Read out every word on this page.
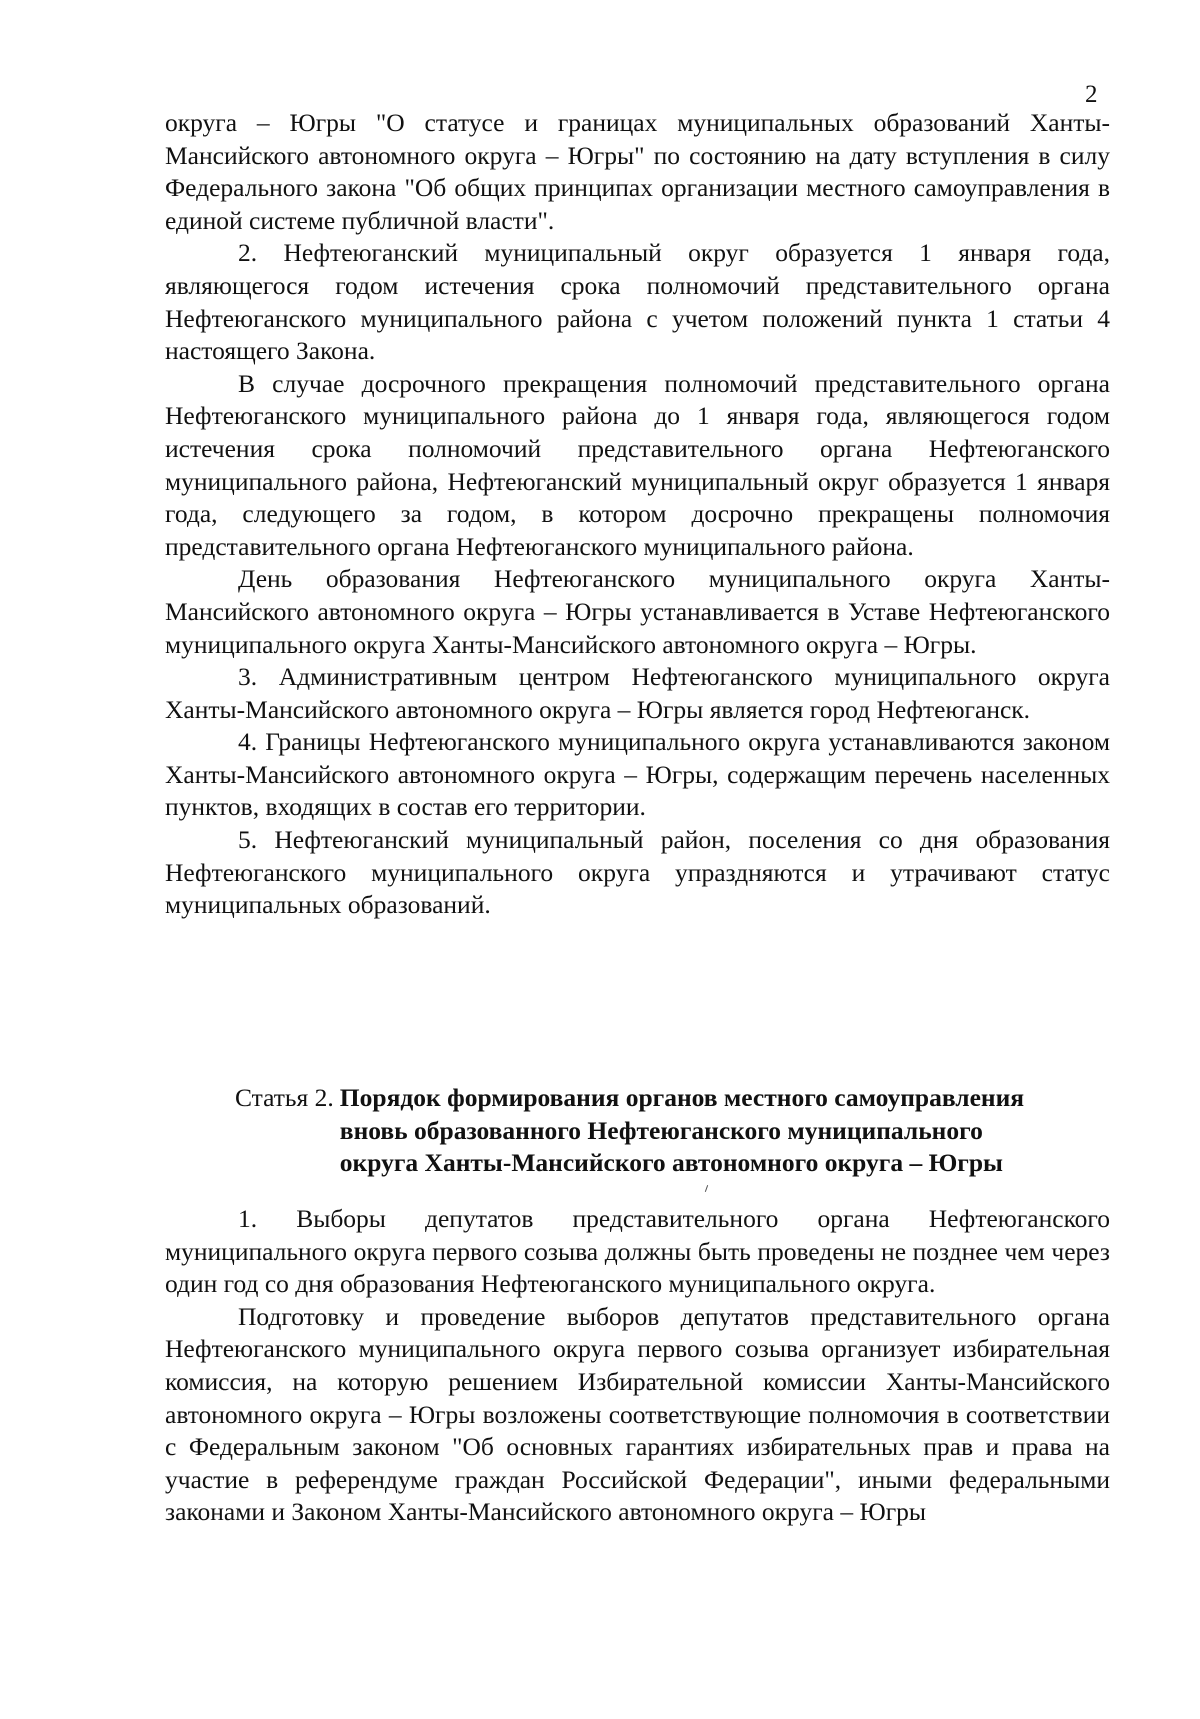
2

округа – Югры "О статусе и границах муниципальных образований Ханты-Мансийского автономного округа – Югры" по состоянию на дату вступления в силу Федерального закона "Об общих принципах организации местного самоуправления в единой системе публичной власти".

2. Нефтеюганский муниципальный округ образуется 1 января года, являющегося годом истечения срока полномочий представительного органа Нефтеюганского муниципального района с учетом положений пункта 1 статьи 4 настоящего Закона.

В случае досрочного прекращения полномочий представительного органа Нефтеюганского муниципального района до 1 января года, являющегося годом истечения срока полномочий представительного органа Нефтеюганского муниципального района, Нефтеюганский муниципальный округ образуется 1 января года, следующего за годом, в котором досрочно прекращены полномочия представительного органа Нефтеюганского муниципального района.

День образования Нефтеюганского муниципального округа Ханты-Мансийского автономного округа – Югры устанавливается в Уставе Нефтеюганского муниципального округа Ханты-Мансийского автономного округа – Югры.

3. Административным центром Нефтеюганского муниципального округа Ханты-Мансийского автономного округа – Югры является город Нефтеюганск.

4. Границы Нефтеюганского муниципального округа устанавливаются законом Ханты-Мансийского автономного округа – Югры, содержащим перечень населенных пунктов, входящих в состав его территории.

5. Нефтеюганский муниципальный район, поселения со дня образования Нефтеюганского муниципального округа упраздняются и утрачивают статус муниципальных образований.

Статья 2. Порядок формирования органов местного самоуправления
вновь образованного Нефтеюганского муниципального
округа Ханты-Мансийского автономного округа – Югры

1. Выборы депутатов представительного органа Нефтеюганского муниципального округа первого созыва должны быть проведены не позднее чем через один год со дня образования Нефтеюганского муниципального округа.

Подготовку и проведение выборов депутатов представительного органа Нефтеюганского муниципального округа первого созыва организует избирательная комиссия, на которую решением Избирательной комиссии Ханты-Мансийского автономного округа – Югры возложены соответствующие полномочия в соответствии с Федеральным законом "Об основных гарантиях избирательных прав и права на участие в референдуме граждан Российской Федерации", иными федеральными законами и Законом Ханты-Мансийского автономного округа – Югры
